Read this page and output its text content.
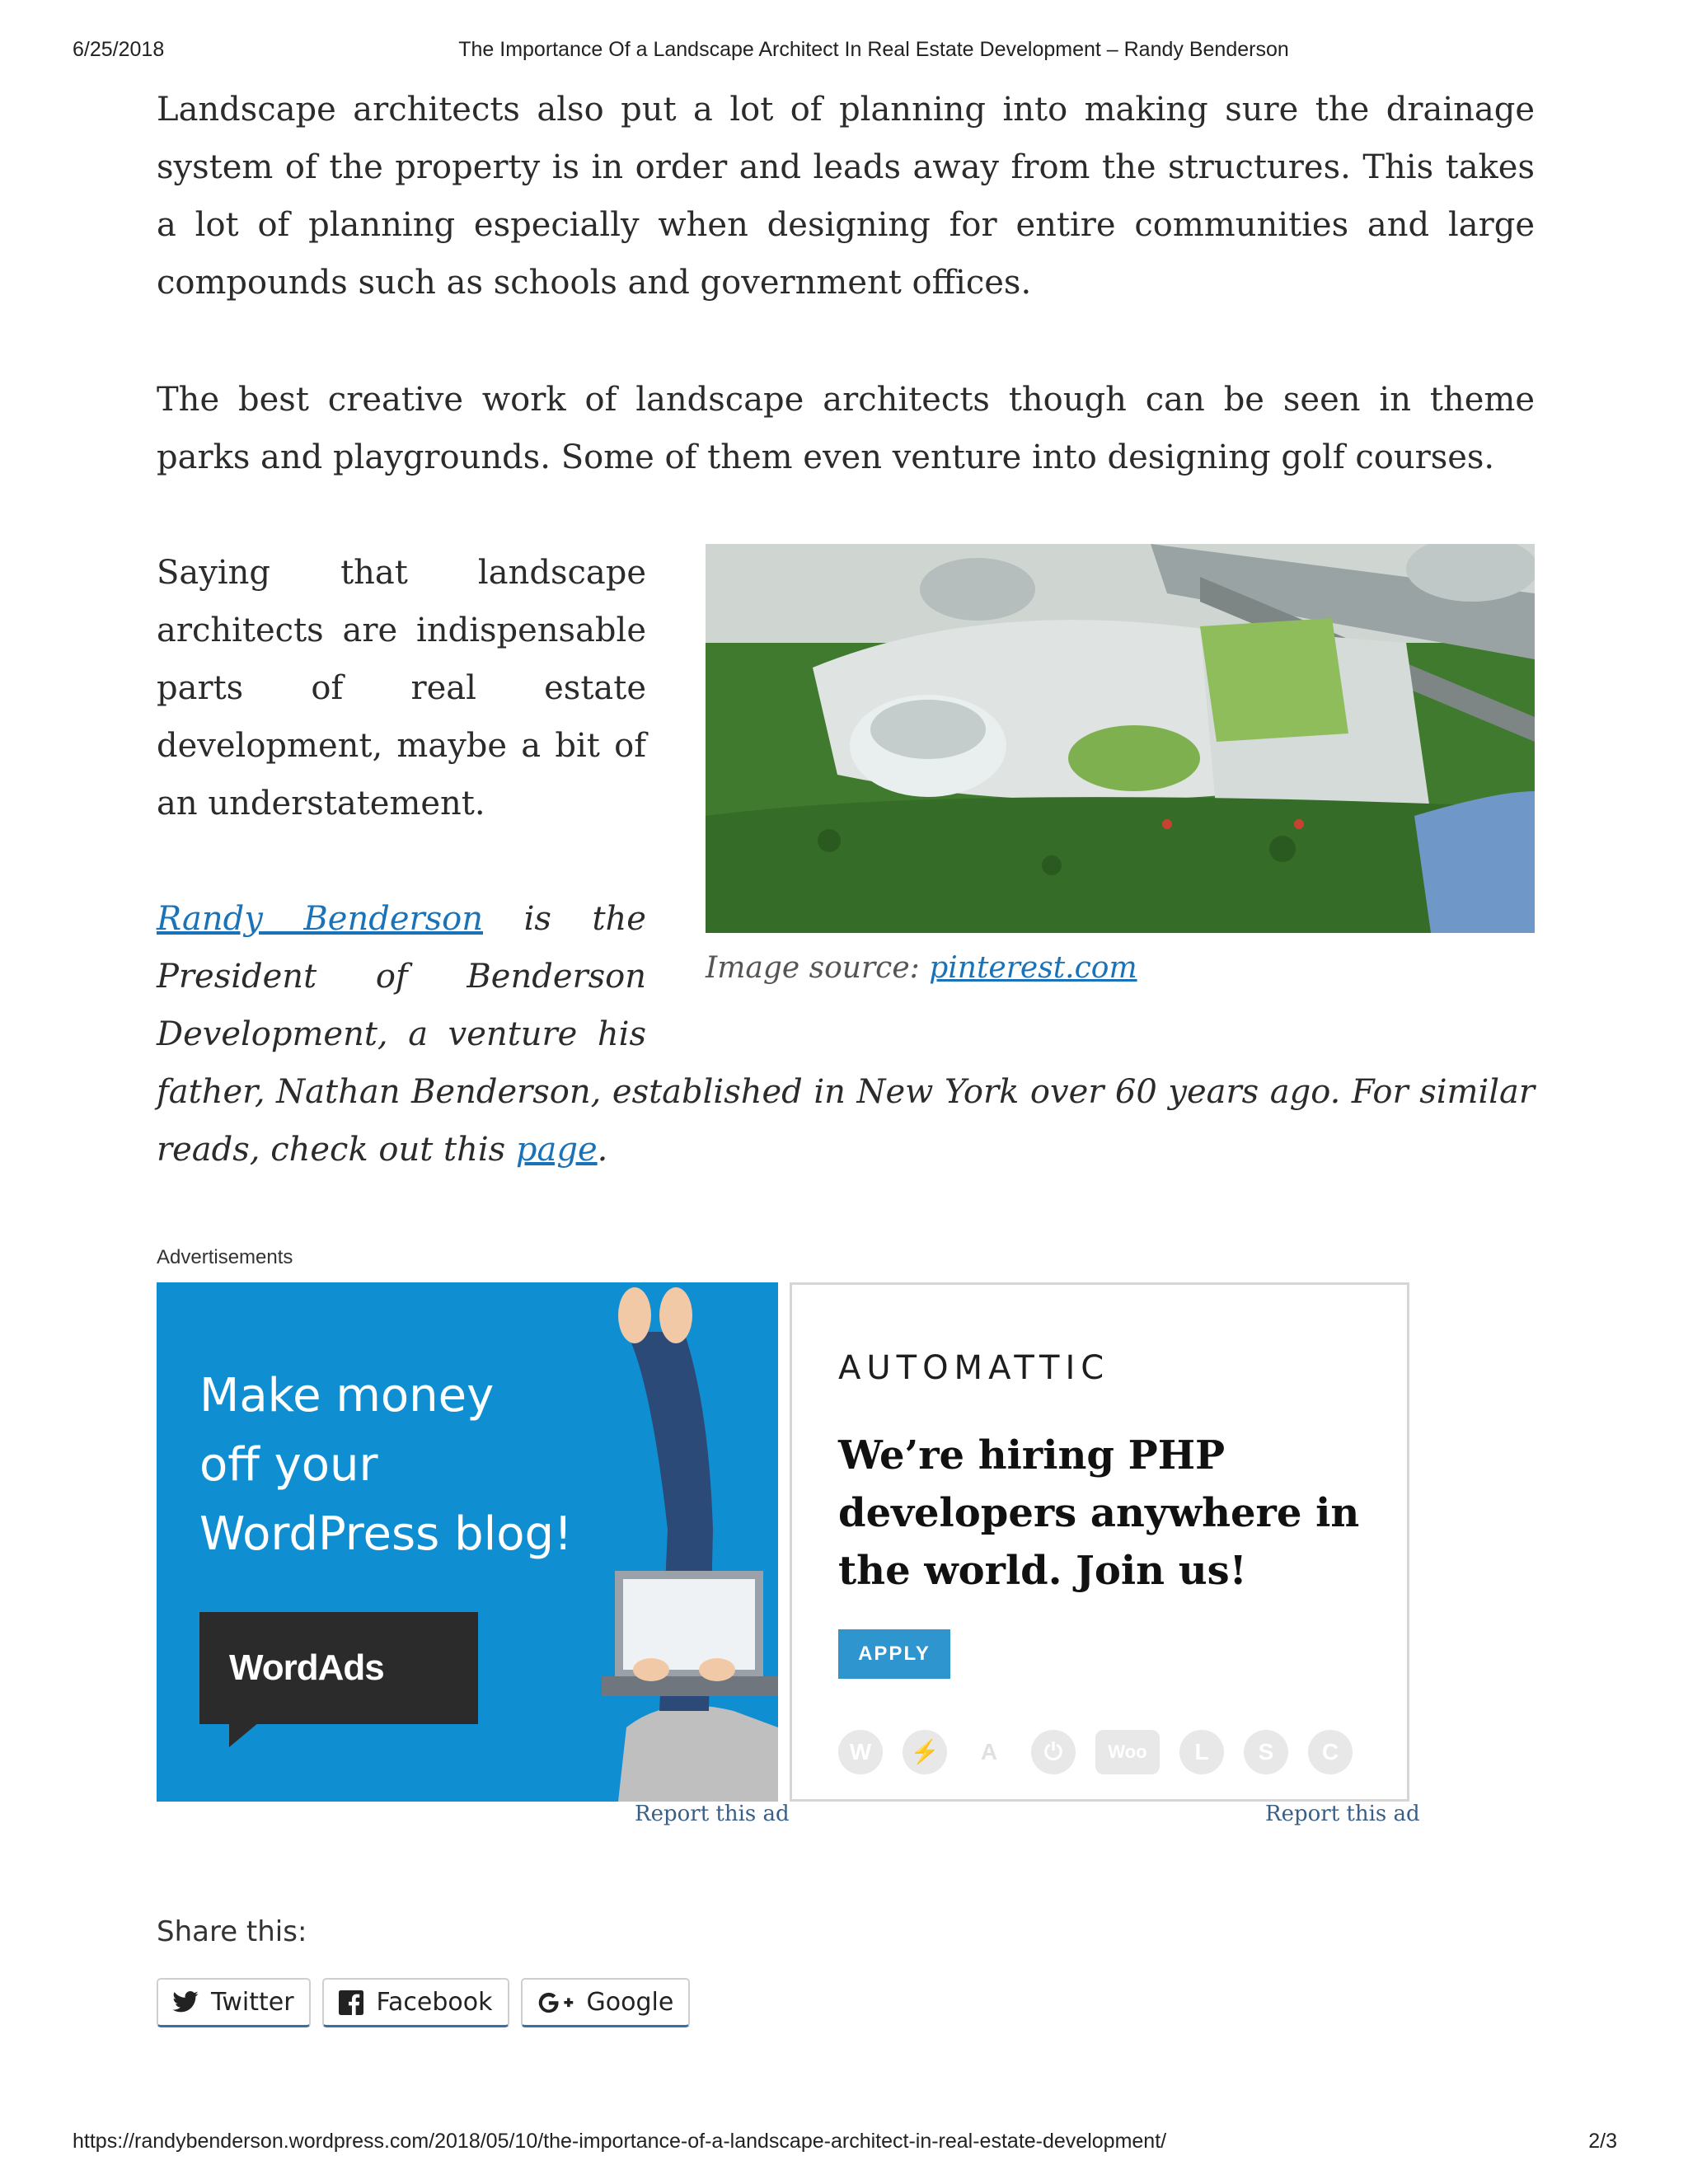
6/25/2018	The Importance Of a Landscape Architect In Real Estate Development – Randy Benderson

Landscape architects also put a lot of planning into making sure the drainage system of the property is in order and leads away from the structures. This takes a lot of planning especially when designing for entire communities and large compounds such as schools and government offices.

The best creative work of landscape architects though can be seen in theme parks and playgrounds. Some of them even venture into designing golf courses.

Image source: pinterest.com

Saying that landscape architects are indispensable parts of real estate development, maybe a bit of an understatement.

Randy Benderson is the President of Benderson Development, a venture his father, Nathan Benderson, established in New York over 60 years ago. For similar reads, check out this page.

Advertisements
Make money
off your
WordPress blog!
WordAds
Report this ad
AUTOMATTIC
We’re hiring PHP
developers anywhere in
the world. Join us!
APPLY
W	⚡	A	⏻	Woo	L	S	C
Report this ad
Share this:
Twitter	Facebook	Google
https://randybenderson.wordpress.com/2018/05/10/the-importance-of-a-landscape-architect-in-real-estate-development/	2/3
